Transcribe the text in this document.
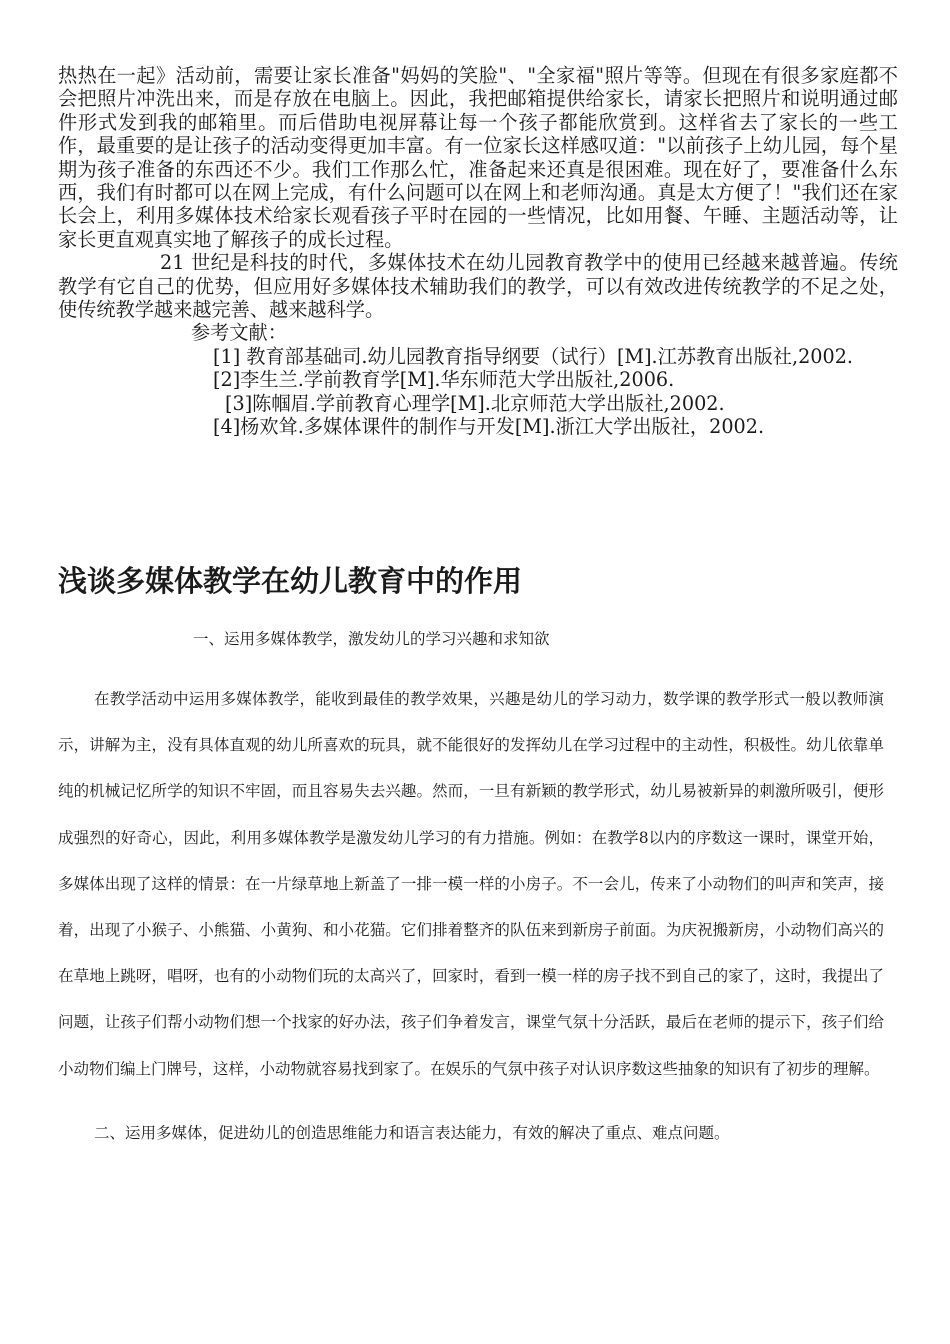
热热在一起》活动前，需要让家长准备"妈妈的笑脸"、"全家福"照片等等。但现在有很多家庭都不会把照片冲洗出来，而是存放在电脑上。因此，我把邮箱提供给家长，请家长把照片和说明通过邮件形式发到我的邮箱里。而后借助电视屏幕让每一个孩子都能欣赏到。这样省去了家长的一些工作，最重要的是让孩子的活动变得更加丰富。有一位家长这样感叹道："以前孩子上幼儿园，每个星期为孩子准备的东西还不少。我们工作那么忙，准备起来还真是很困难。现在好了，要准备什么东西，我们有时都可以在网上完成，有什么问题可以在网上和老师沟通。真是太方便了！"我们还在家长会上，利用多媒体技术给家长观看孩子平时在园的一些情况，比如用餐、午睡、主题活动等，让家长更直观真实地了解孩子的成长过程。

21 世纪是科技的时代，多媒体技术在幼儿园教育教学中的使用已经越来越普遍。传统教学有它自己的优势，但应用好多媒体技术辅助我们的教学，可以有效改进传统教学的不足之处，使传统教学越来越完善、越来越科学。

参考文献：

[1] 教育部基础司.幼儿园教育指导纲要（试行）[M].江苏教育出版社,2002.

[2]李生兰.学前教育学[M].华东师范大学出版社,2006.

[3]陈帼眉.学前教育心理学[M].北京师范大学出版社,2002.

[4]杨欢耸.多媒体课件的制作与开发[M].浙江大学出版社，2002.

浅谈多媒体教学在幼儿教育中的作用

一、运用多媒体教学，激发幼儿的学习兴趣和求知欲

在教学活动中运用多媒体教学，能收到最佳的教学效果，兴趣是幼儿的学习动力，数学课的教学形式一般以教师演示，讲解为主，没有具体直观的幼儿所喜欢的玩具，就不能很好的发挥幼儿在学习过程中的主动性，积极性。幼儿依靠单纯的机械记忆所学的知识不牢固，而且容易失去兴趣。然而，一旦有新颖的教学形式，幼儿易被新异的刺激所吸引，便形成强烈的好奇心，因此，利用多媒体教学是激发幼儿学习的有力措施。例如：在教学8以内的序数这一课时，课堂开始，多媒体出现了这样的情景：在一片绿草地上新盖了一排一模一样的小房子。不一会儿，传来了小动物们的叫声和笑声，接着，出现了小猴子、小熊猫、小黄狗、和小花猫。它们排着整齐的队伍来到新房子前面。为庆祝搬新房，小动物们高兴的在草地上跳呀，唱呀，也有的小动物们玩的太高兴了，回家时，看到一模一样的房子找不到自己的家了，这时，我提出了问题，让孩子们帮小动物们想一个找家的好办法，孩子们争着发言，课堂气氛十分活跃，最后在老师的提示下，孩子们给小动物们编上门牌号，这样，小动物就容易找到家了。在娱乐的气氛中孩子对认识序数这些抽象的知识有了初步的理解。

二、运用多媒体，促进幼儿的创造思维能力和语言表达能力，有效的解决了重点、难点问题。
